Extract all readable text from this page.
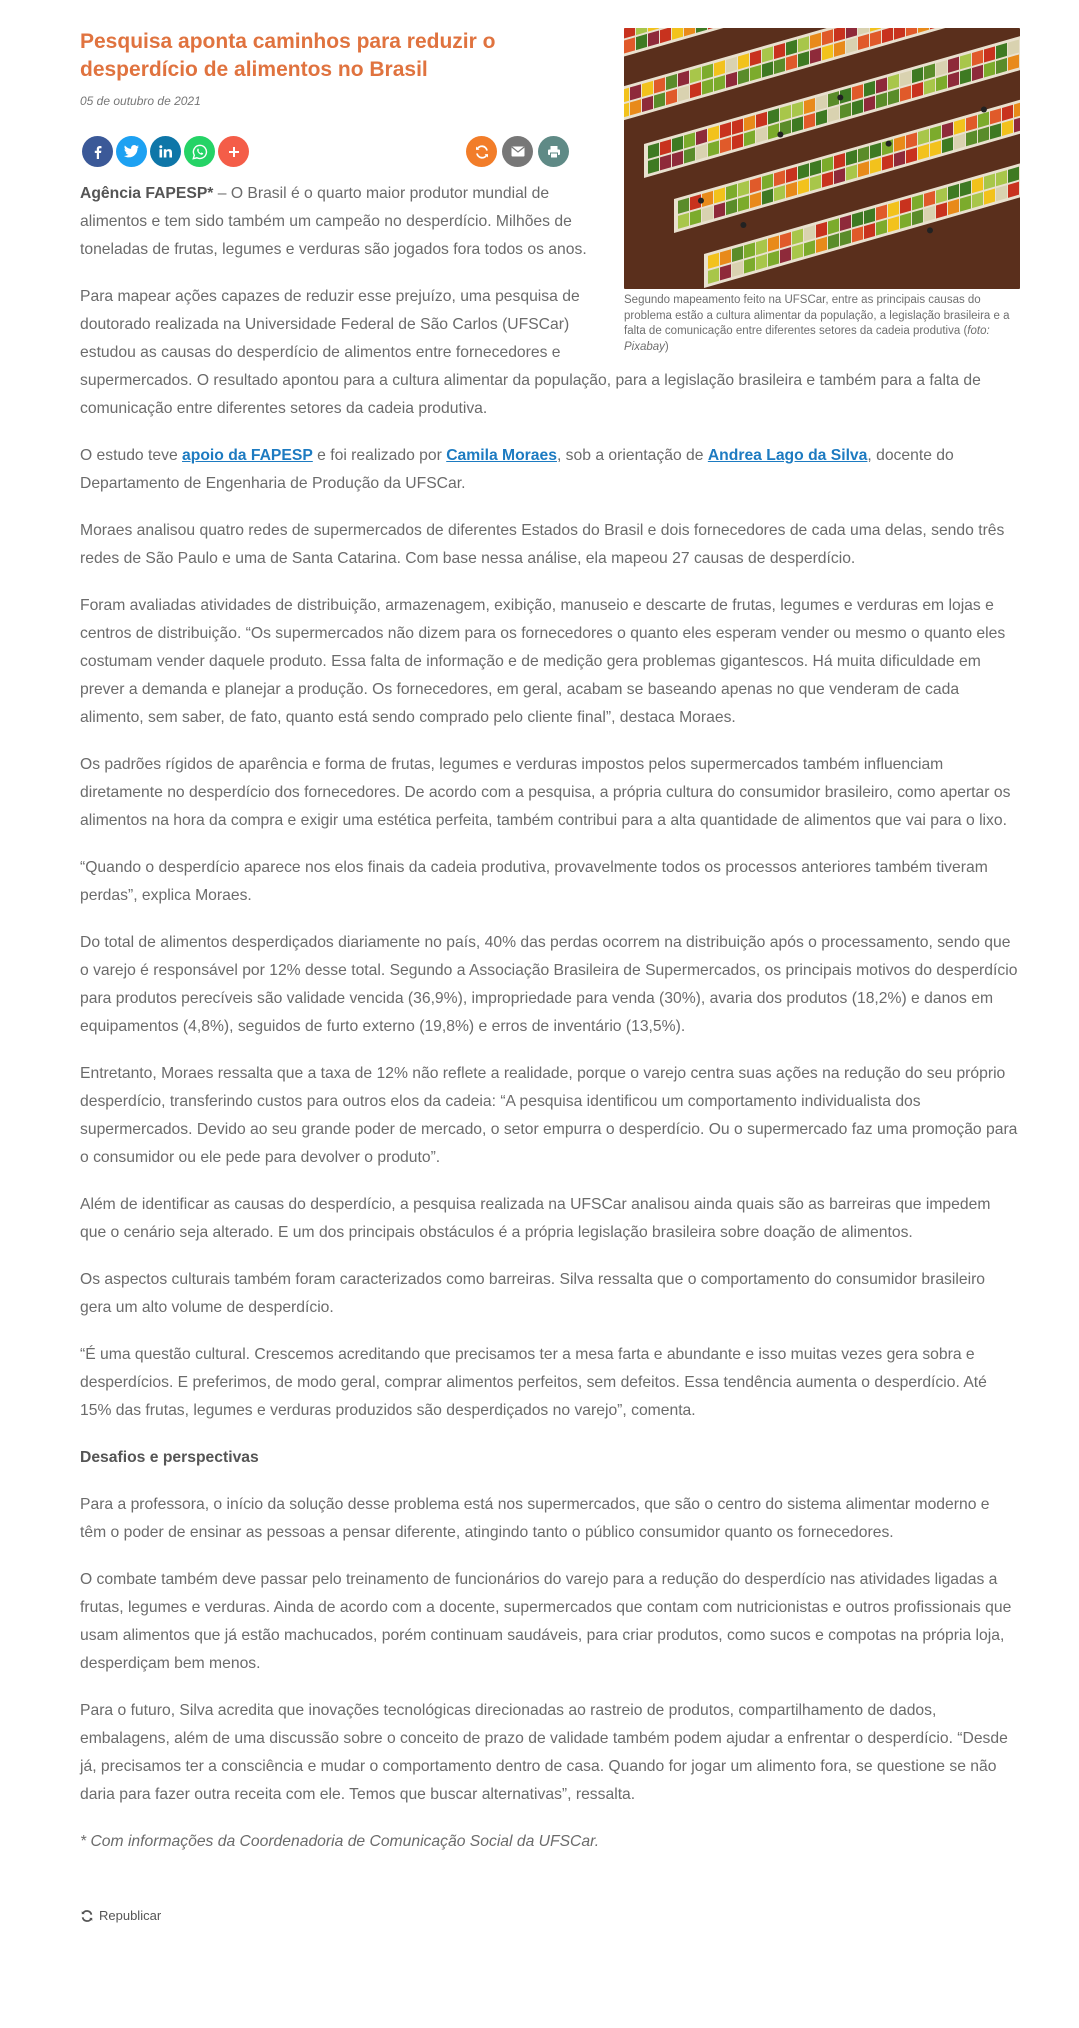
Segundo mapeamento feito na UFSCar, entre as principais causas do problema estão a cultura alimentar da população, a legislação brasileira e a falta de comunicação entre diferentes setores da cadeia produtiva (foto: Pixabay)
Pesquisa aponta caminhos para reduzir o desperdício de alimentos no Brasil
05 de outubro de 2021

Agência FAPESP* – O Brasil é o quarto maior produtor mundial de alimentos e tem sido também um campeão no desperdício. Milhões de toneladas de frutas, legumes e verduras são jogados fora todos os anos.

Para mapear ações capazes de reduzir esse prejuízo, uma pesquisa de doutorado realizada na Universidade Federal de São Carlos (UFSCar) estudou as causas do desperdício de alimentos entre fornecedores e supermercados. O resultado apontou para a cultura alimentar da população, para a legislação brasileira e também para a falta de comunicação entre diferentes setores da cadeia produtiva.

O estudo teve apoio da FAPESP e foi realizado por Camila Moraes, sob a orientação de Andrea Lago da Silva, docente do Departamento de Engenharia de Produção da UFSCar.

Moraes analisou quatro redes de supermercados de diferentes Estados do Brasil e dois fornecedores de cada uma delas, sendo três redes de São Paulo e uma de Santa Catarina. Com base nessa análise, ela mapeou 27 causas de desperdício.

Foram avaliadas atividades de distribuição, armazenagem, exibição, manuseio e descarte de frutas, legumes e verduras em lojas e centros de distribuição. “Os supermercados não dizem para os fornecedores o quanto eles esperam vender ou mesmo o quanto eles costumam vender daquele produto. Essa falta de informação e de medição gera problemas gigantescos. Há muita dificuldade em prever a demanda e planejar a produção. Os fornecedores, em geral, acabam se baseando apenas no que venderam de cada alimento, sem saber, de fato, quanto está sendo comprado pelo cliente final”, destaca Moraes.

Os padrões rígidos de aparência e forma de frutas, legumes e verduras impostos pelos supermercados também influenciam diretamente no desperdício dos fornecedores. De acordo com a pesquisa, a própria cultura do consumidor brasileiro, como apertar os alimentos na hora da compra e exigir uma estética perfeita, também contribui para a alta quantidade de alimentos que vai para o lixo.

“Quando o desperdício aparece nos elos finais da cadeia produtiva, provavelmente todos os processos anteriores também tiveram perdas”, explica Moraes.

Do total de alimentos desperdiçados diariamente no país, 40% das perdas ocorrem na distribuição após o processamento, sendo que o varejo é responsável por 12% desse total. Segundo a Associação Brasileira de Supermercados, os principais motivos do desperdício para produtos perecíveis são validade vencida (36,9%), impropriedade para venda (30%), avaria dos produtos (18,2%) e danos em equipamentos (4,8%), seguidos de furto externo (19,8%) e erros de inventário (13,5%).

Entretanto, Moraes ressalta que a taxa de 12% não reflete a realidade, porque o varejo centra suas ações na redução do seu próprio desperdício, transferindo custos para outros elos da cadeia: “A pesquisa identificou um comportamento individualista dos supermercados. Devido ao seu grande poder de mercado, o setor empurra o desperdício. Ou o supermercado faz uma promoção para o consumidor ou ele pede para devolver o produto”.

Além de identificar as causas do desperdício, a pesquisa realizada na UFSCar analisou ainda quais são as barreiras que impedem que o cenário seja alterado. E um dos principais obstáculos é a própria legislação brasileira sobre doação de alimentos.

Os aspectos culturais também foram caracterizados como barreiras. Silva ressalta que o comportamento do consumidor brasileiro gera um alto volume de desperdício.

“É uma questão cultural. Crescemos acreditando que precisamos ter a mesa farta e abundante e isso muitas vezes gera sobra e desperdícios. E preferimos, de modo geral, comprar alimentos perfeitos, sem defeitos. Essa tendência aumenta o desperdício. Até 15% das frutas, legumes e verduras produzidos são desperdiçados no varejo”, comenta.

Desafios e perspectivas

Para a professora, o início da solução desse problema está nos supermercados, que são o centro do sistema alimentar moderno e têm o poder de ensinar as pessoas a pensar diferente, atingindo tanto o público consumidor quanto os fornecedores.

O combate também deve passar pelo treinamento de funcionários do varejo para a redução do desperdício nas atividades ligadas a frutas, legumes e verduras. Ainda de acordo com a docente, supermercados que contam com nutricionistas e outros profissionais que usam alimentos que já estão machucados, porém continuam saudáveis, para criar produtos, como sucos e compotas na própria loja, desperdiçam bem menos.

Para o futuro, Silva acredita que inovações tecnológicas direcionadas ao rastreio de produtos, compartilhamento de dados, embalagens, além de uma discussão sobre o conceito de prazo de validade também podem ajudar a enfrentar o desperdício. “Desde já, precisamos ter a consciência e mudar o comportamento dentro de casa. Quando for jogar um alimento fora, se questione se não daria para fazer outra receita com ele. Temos que buscar alternativas”, ressalta.

* Com informações da Coordenadoria de Comunicação Social da UFSCar.

Republicar
